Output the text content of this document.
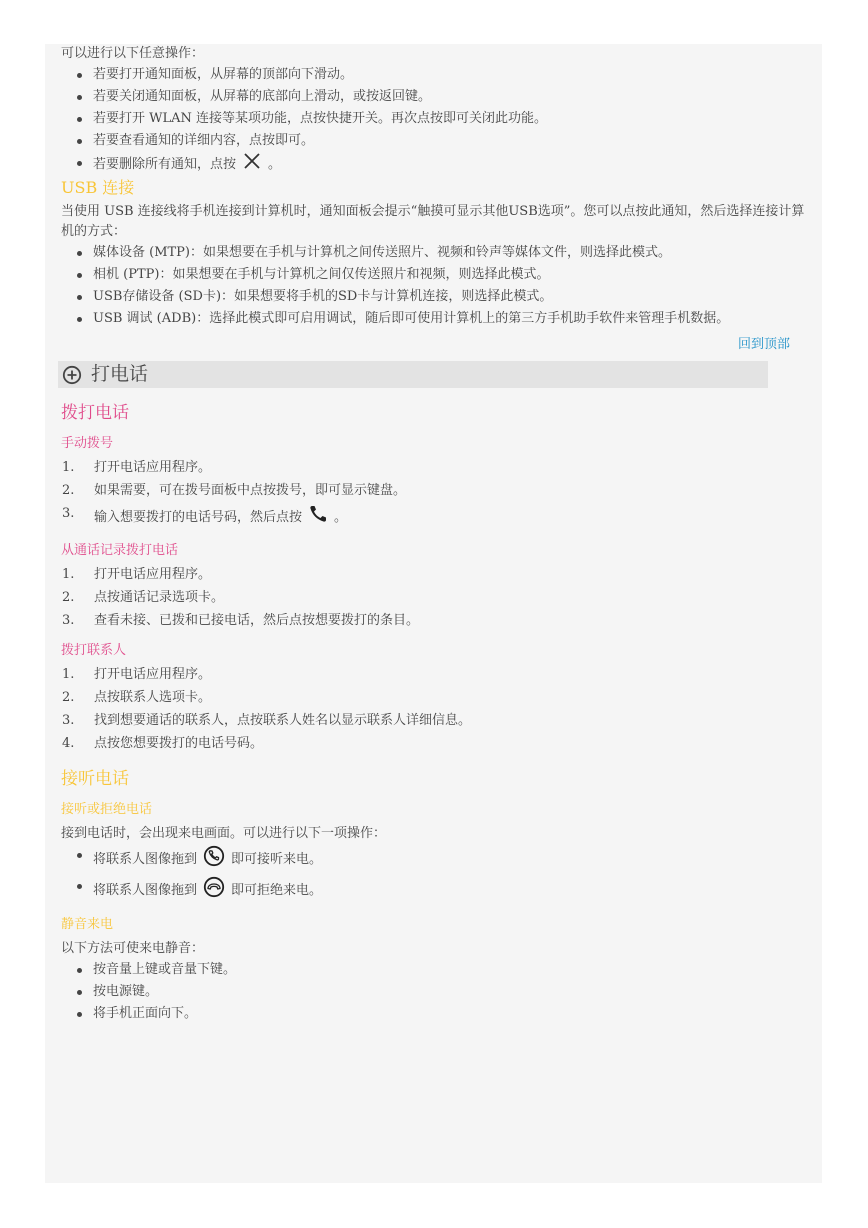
可以进行以下任意操作：

若要打开通知面板，从屏幕的顶部向下滑动。
若要关闭通知面板，从屏幕的底部向上滑动，或按返回键。
若要打开 WLAN 连接等某项功能，点按快捷开关。再次点按即可关闭此功能。
若要查看通知的详细内容，点按即可。
若要删除所有通知，点按 。
USB 连接

当使用 USB 连接线将手机连接到计算机时，通知面板会提示“触摸可显示其他USB选项”。您可以点按此通知，然后选择连接计算机的方式：

媒体设备 (MTP)：如果想要在手机与计算机之间传送照片、视频和铃声等媒体文件，则选择此模式。
相机 (PTP)：如果想要在手机与计算机之间仅传送照片和视频，则选择此模式。
USB存储设备 (SD卡)：如果想要将手机的SD卡与计算机连接，则选择此模式。
USB 调试 (ADB)：选择此模式即可启用调试，随后即可使用计算机上的第三方手机助手软件来管理手机数据。
回到顶部
打电话
拨打电话
手动拨号
1. 打开电话应用程序。
2. 如果需要，可在拨号面板中点按拨号，即可显示键盘。
3. 输入想要拨打的电话号码，然后点按 。
从通话记录拨打电话
1. 打开电话应用程序。
2. 点按通话记录选项卡。
3. 查看未接、已拨和已接电话，然后点按想要拨打的条目。
拨打联系人
1. 打开电话应用程序。
2. 点按联系人选项卡。
3. 找到想要通话的联系人，点按联系人姓名以显示联系人详细信息。
4. 点按您想要拨打的电话号码。
接听电话
接听或拒绝电话

接到电话时，会出现来电画面。可以进行以下一项操作：

将联系人图像拖到	即可接听来电。
将联系人图像拖到	即可拒绝来电。
静音来电

以下方法可使来电静音：

按音量上键或音量下键。
按电源键。
将手机正面向下。
